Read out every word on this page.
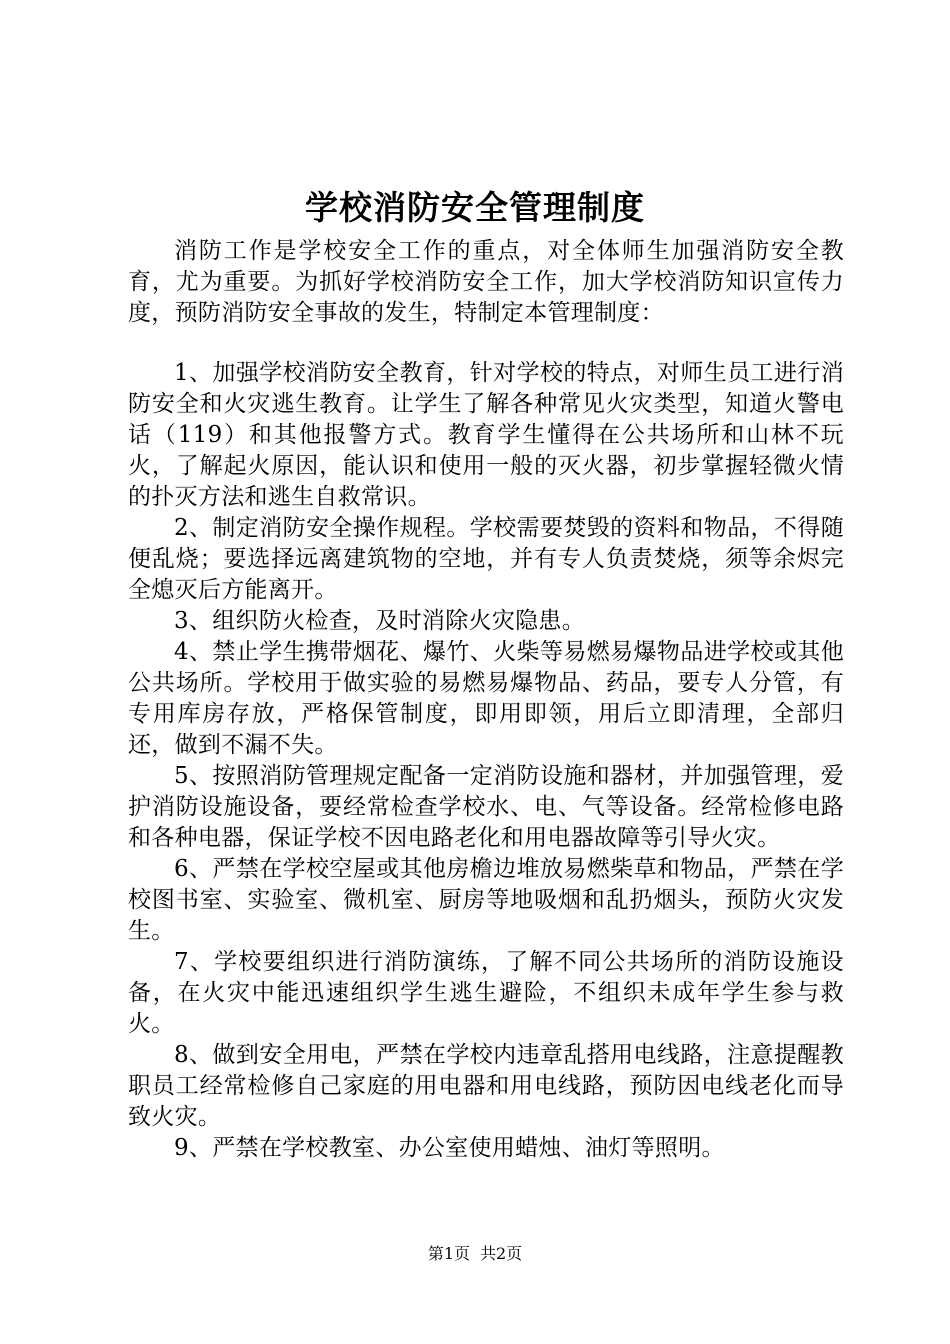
学校消防安全管理制度

消防工作是学校安全工作的重点，对全体师生加强消防安全教育，尤为重要。为抓好学校消防安全工作，加大学校消防知识宣传力度，预防消防安全事故的发生，特制定本管理制度：

1、加强学校消防安全教育，针对学校的特点，对师生员工进行消防安全和火灾逃生教育。让学生了解各种常见火灾类型，知道火警电话（119）和其他报警方式。教育学生懂得在公共场所和山林不玩火，了解起火原因，能认识和使用一般的灭火器，初步掌握轻微火情的扑灭方法和逃生自救常识。

2、制定消防安全操作规程。学校需要焚毁的资料和物品，不得随便乱烧；要选择远离建筑物的空地，并有专人负责焚烧，须等余烬完全熄灭后方能离开。

3、组织防火检查，及时消除火灾隐患。

4、禁止学生携带烟花、爆竹、火柴等易燃易爆物品进学校或其他公共场所。学校用于做实验的易燃易爆物品、药品，要专人分管，有专用库房存放，严格保管制度，即用即领，用后立即清理，全部归还，做到不漏不失。

5、按照消防管理规定配备一定消防设施和器材，并加强管理，爱护消防设施设备，要经常检查学校水、电、气等设备。经常检修电路和各种电器，保证学校不因电路老化和用电器故障等引导火灾。

6、严禁在学校空屋或其他房檐边堆放易燃柴草和物品，严禁在学校图书室、实验室、微机室、厨房等地吸烟和乱扔烟头，预防火灾发生。

7、学校要组织进行消防演练，了解不同公共场所的消防设施设备，在火灾中能迅速组织学生逃生避险，不组织未成年学生参与救火。

8、做到安全用电，严禁在学校内违章乱搭用电线路，注意提醒教职员工经常检修自己家庭的用电器和用电线路，预防因电线老化而导致火灾。

9、严禁在学校教室、办公室使用蜡烛、油灯等照明。

第1页 共2页
